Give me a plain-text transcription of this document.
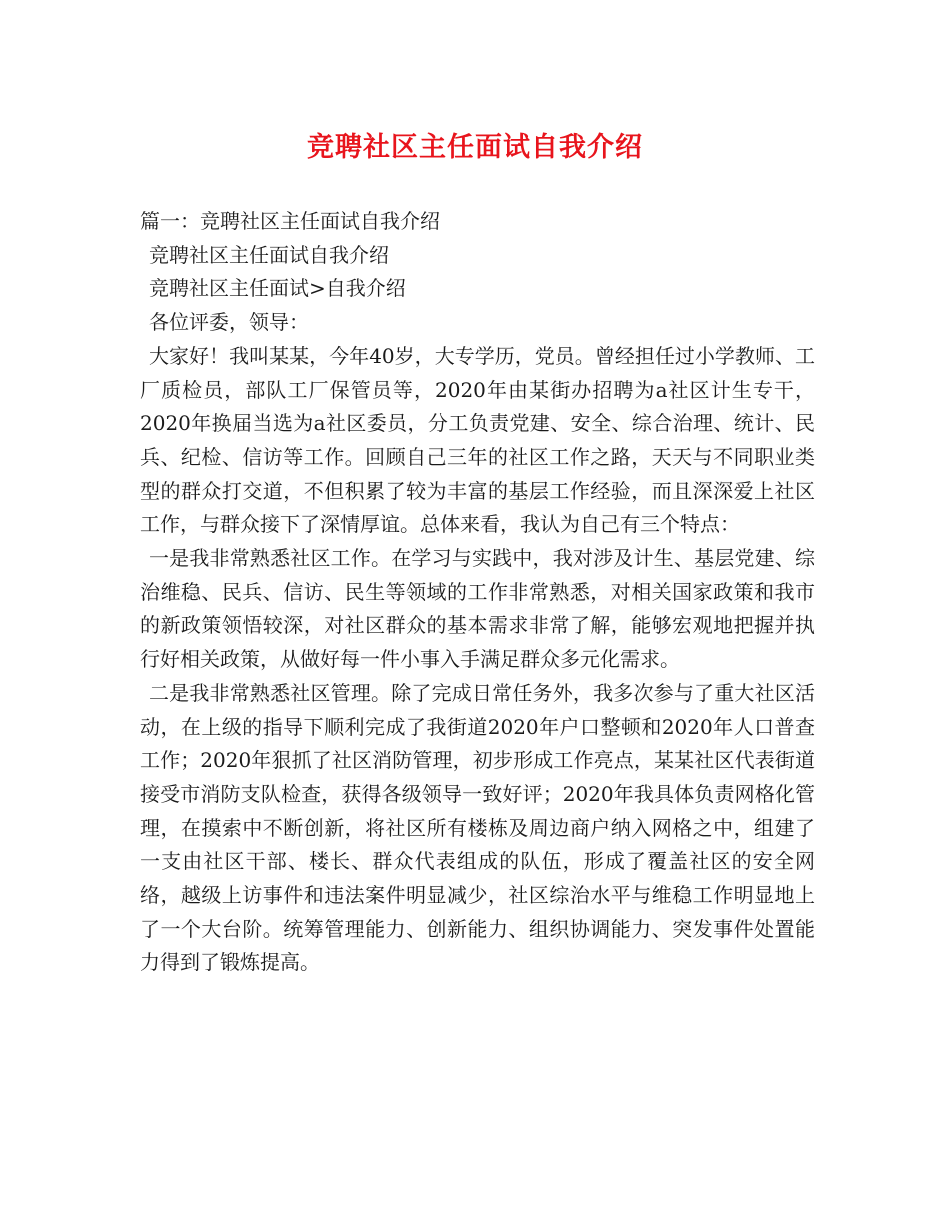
竞聘社区主任面试自我介绍

篇一：竞聘社区主任面试自我介绍

竞聘社区主任面试自我介绍

竞聘社区主任面试>自我介绍

各位评委，领导：

大家好！我叫某某，今年40岁，大专学历，党员。曾经担任过小学教师、工厂质检员，部队工厂保管员等，2020年由某街办招聘为a社区计生专干，2020年换届当选为a社区委员，分工负责党建、安全、综合治理、统计、民兵、纪检、信访等工作。回顾自己三年的社区工作之路，天天与不同职业类型的群众打交道，不但积累了较为丰富的基层工作经验，而且深深爱上社区工作，与群众接下了深情厚谊。总体来看，我认为自己有三个特点：

一是我非常熟悉社区工作。在学习与实践中，我对涉及计生、基层党建、综治维稳、民兵、信访、民生等领域的工作非常熟悉，对相关国家政策和我市的新政策领悟较深，对社区群众的基本需求非常了解，能够宏观地把握并执行好相关政策，从做好每一件小事入手满足群众多元化需求。

二是我非常熟悉社区管理。除了完成日常任务外，我多次参与了重大社区活动，在上级的指导下顺利完成了我街道2020年户口整顿和2020年人口普查工作；2020年狠抓了社区消防管理，初步形成工作亮点，某某社区代表街道接受市消防支队检查，获得各级领导一致好评；2020年我具体负责网格化管理，在摸索中不断创新，将社区所有楼栋及周边商户纳入网格之中，组建了一支由社区干部、楼长、群众代表组成的队伍，形成了覆盖社区的安全网络，越级上访事件和违法案件明显减少，社区综治水平与维稳工作明显地上了一个大台阶。统筹管理能力、创新能力、组织协调能力、突发事件处置能力得到了锻炼提高。
